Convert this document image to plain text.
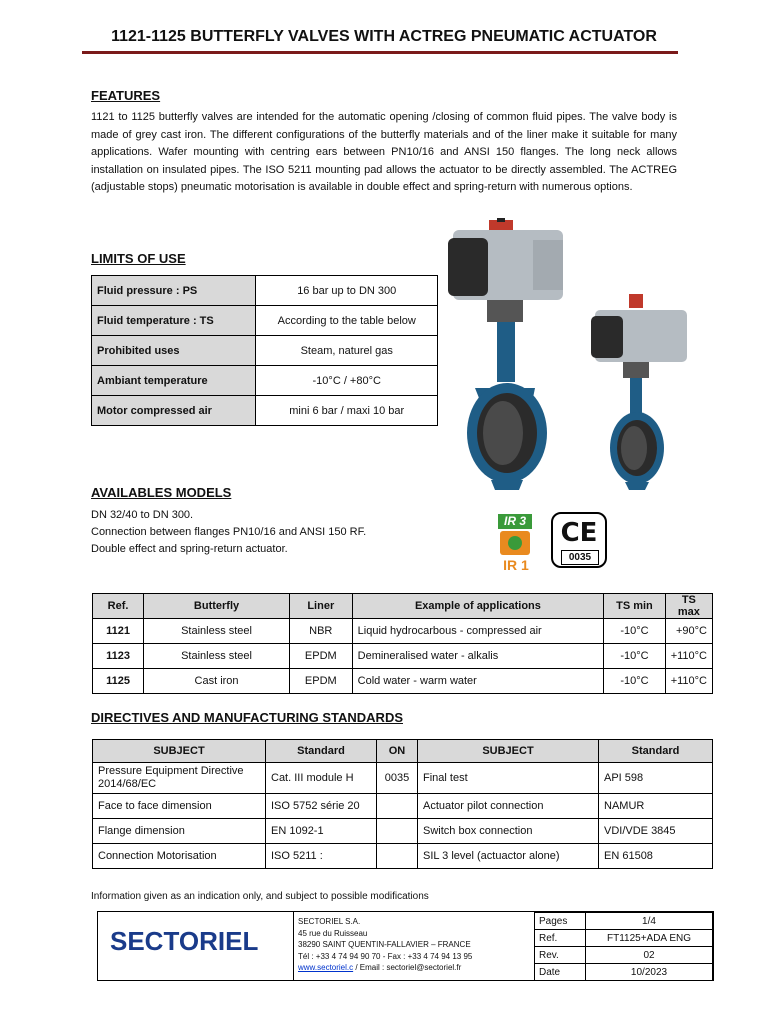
1121-1125 BUTTERFLY VALVES WITH ACTREG PNEUMATIC ACTUATOR
FEATURES
1121 to 1125 butterfly valves are intended for the automatic opening /closing of common fluid pipes. The valve body is made of grey cast iron. The different configurations of the butterfly materials and of the liner make it suitable for many applications. Wafer mounting with centring ears between PN10/16 and ANSI 150 flanges. The long neck allows installation on insulated pipes. The ISO 5211 mounting pad allows the actuator to be directly assembled. The ACTREG (adjustable stops) pneumatic motorisation is available in double effect and spring-return with numerous options.
LIMITS OF USE
Fluid pressure : PS	16 bar up to DN 300
Fluid temperature : TS	According to the table below
Prohibited uses	Steam, naturel gas
Ambiant temperature	-10°C / +80°C
Motor compressed air	mini 6 bar / maxi 10 bar
AVAILABLES MODELS
DN 32/40 to DN 300.
Connection between flanges PN10/16 and ANSI 150 RF.
Double effect and spring-return actuator.
IR 3
IR 1
CE
0035
Ref.	Butterfly	Liner	Example of applications	TS min	TS max
1121	Stainless steel	NBR	Liquid hydrocarbous - compressed air	-10°C	+90°C
1123	Stainless steel	EPDM	Demineralised water - alkalis	-10°C	+110°C
1125	Cast iron	EPDM	Cold water - warm water	-10°C	+110°C
DIRECTIVES AND MANUFACTURING STANDARDS
SUBJECT	Standard	ON	SUBJECT	Standard
Pressure Equipment Directive 2014/68/EC	Cat. III module H	0035	Final test	API 598
Face to face dimension	ISO 5752 série 20		Actuator pilot connection	NAMUR
Flange dimension	EN 1092-1		Switch box connection	VDI/VDE 3845
Connection Motorisation	ISO 5211 :		SIL 3 level (actuactor alone)	EN 61508
Information given as an indication only, and subject to possible modifications
SECTORIEL
SECTORIEL S.A.
45 rue du Ruisseau
38290 SAINT QUENTIN-FALLAVIER – FRANCE
Tél : +33 4 74 94 90 70 - Fax : +33 4 74 94 13 95
www.sectoriel.c / Email : sectoriel@sectoriel.fr
Pages	1/4
Ref.	FT1125+ADA ENG
Rev.	02
Date	10/2023
